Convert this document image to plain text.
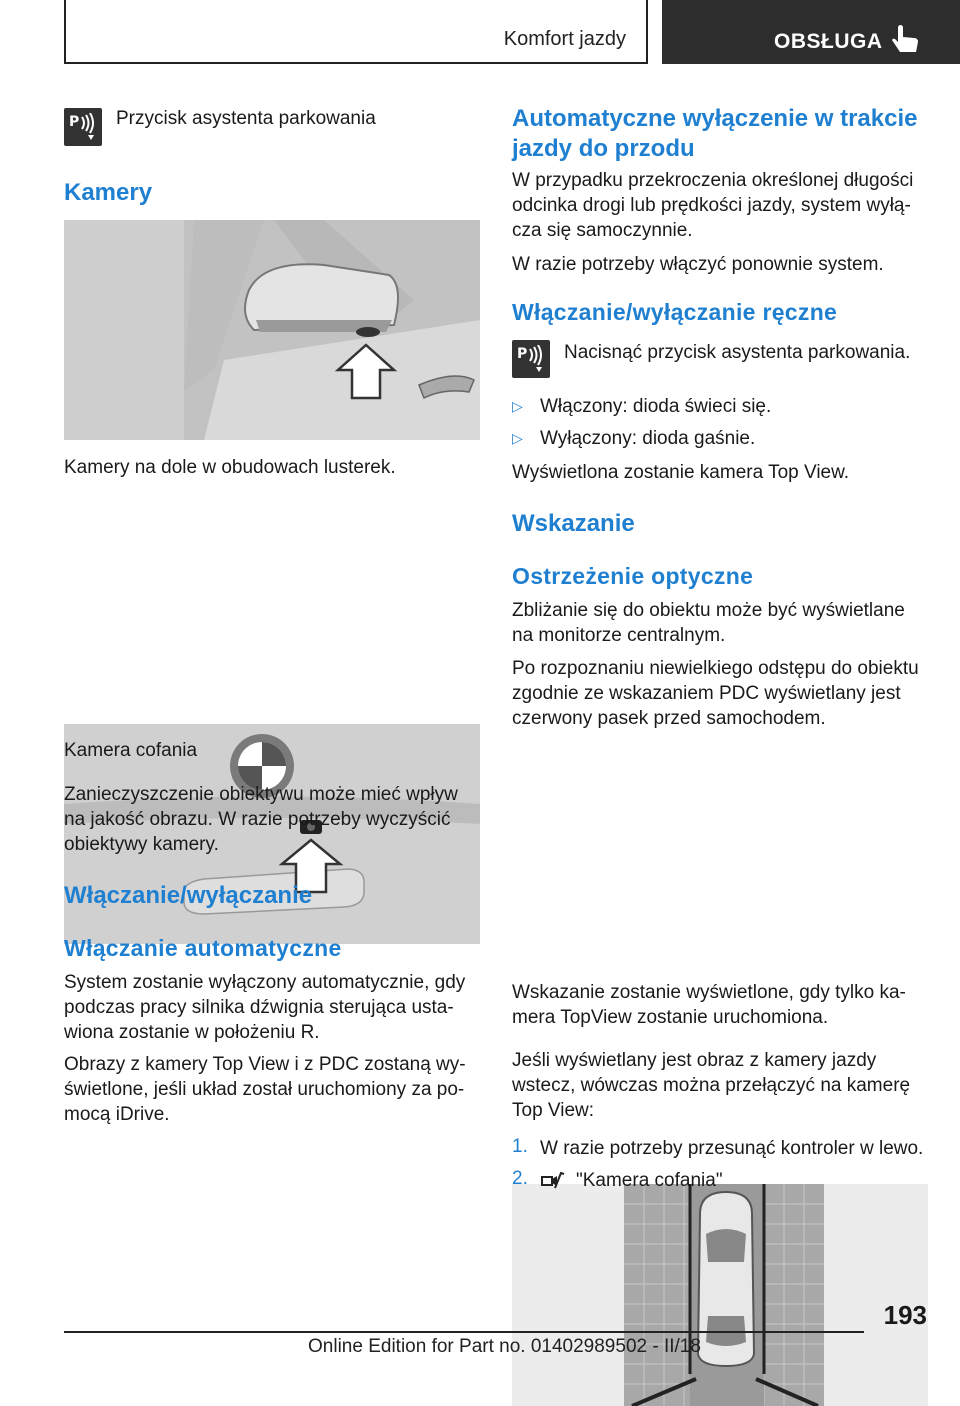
Komfort jazdy	OBSŁUGA
P Przycisk asystenta parkowania

Kamery

Kamery na dole w obudowach lusterek.

Kamera cofania

Zanieczyszczenie obiektywu może mieć wpływ na jakość obrazu. W razie potrzeby wyczyścić obiektywy kamery.

Włączanie/wyłączanie
Włączanie automatyczne

System zostanie wyłączony automatycznie, gdy podczas pracy silnika dźwignia sterująca usta-wiona zostanie w położeniu R.

Obrazy z kamery Top View i z PDC zostaną wy-świetlone, jeśli układ został uruchomiony za po-mocą iDrive.

Automatyczne wyłączenie w trakcie jazdy do przodu

W przypadku przekroczenia określonej długości odcinka drogi lub prędkości jazdy, system wyłą-cza się samoczynnie.

W razie potrzeby włączyć ponownie system.

Włączanie/wyłączanie ręczne
P Nacisnąć przycisk asystenta parkowania.

▷ Włączony: dioda świeci się.

▷ Wyłączony: dioda gaśnie.

Wyświetlona zostanie kamera Top View.

Wskazanie
Ostrzeżenie optyczne

Zbliżanie się do obiektu może być wyświetlane na monitorze centralnym.

Po rozpoznaniu niewielkiego odstępu do obiektu zgodnie ze wskazaniem PDC wyświetlany jest czerwony pasek przed samochodem.

Wskazanie zostanie wyświetlone, gdy tylko ka-mera TopView zostanie uruchomiona.

Jeśli wyświetlany jest obraz z kamery jazdy wstecz, wówczas można przełączyć na kamerę Top View:

1. W razie potrzeby przesunąć kontroler w lewo.

2.	"Kamera cofania"

193
Online Edition for Part no. 01402989502 - II/18
